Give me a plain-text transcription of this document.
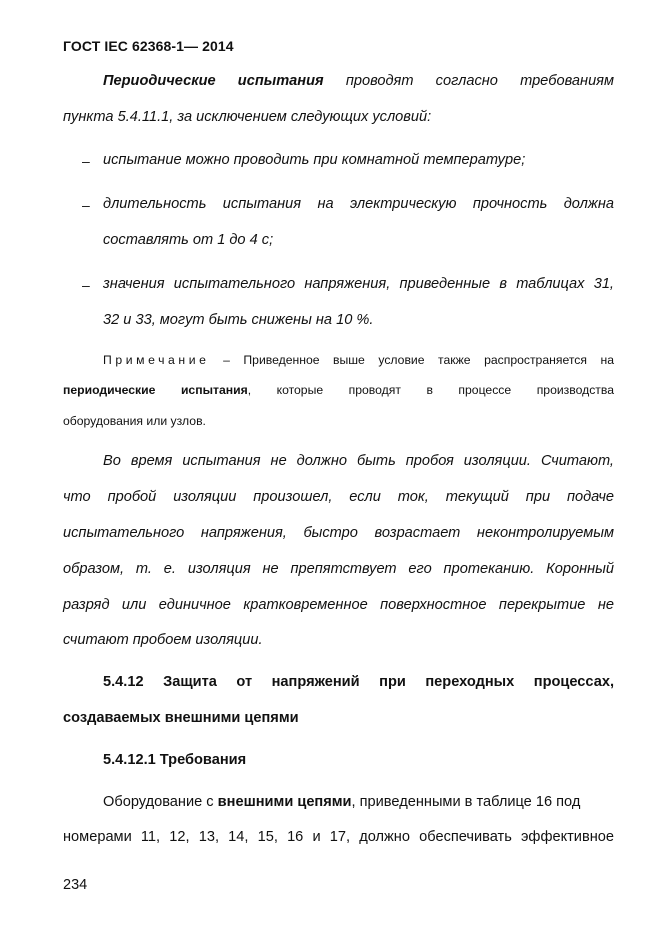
ГОСТ IEC 62368-1— 2014
Периодические испытания проводят согласно требованиям
пункта 5.4.11.1, за исключением следующих условий:
– испытание можно проводить при комнатной температуре;
– длительность испытания на электрическую прочность должна
составлять от 1 до 4 с;
– значения испытательного напряжения, приведенные в таблицах 31,
32 и 33, могут быть снижены на 10 %.
Примечание – Приведенное выше условие также распространяется на
периодические испытания, которые проводят в процессе производства
оборудования или узлов.
Во время испытания не должно быть пробоя изоляции. Считают,
что пробой изоляции произошел, если ток, текущий при подаче
испытательного напряжения, быстро возрастает неконтролируемым
образом, т. е. изоляция не препятствует его протеканию. Коронный
разряд или единичное кратковременное поверхностное перекрытие не
считают пробоем изоляции.
5.4.12 Защита от напряжений при переходных процессах,
создаваемых внешними цепями
5.4.12.1 Требования
Оборудование с внешними цепями, приведенными в таблице 16 под
номерами 11, 12, 13, 14, 15, 16 и 17, должно обеспечивать эффективное
234
